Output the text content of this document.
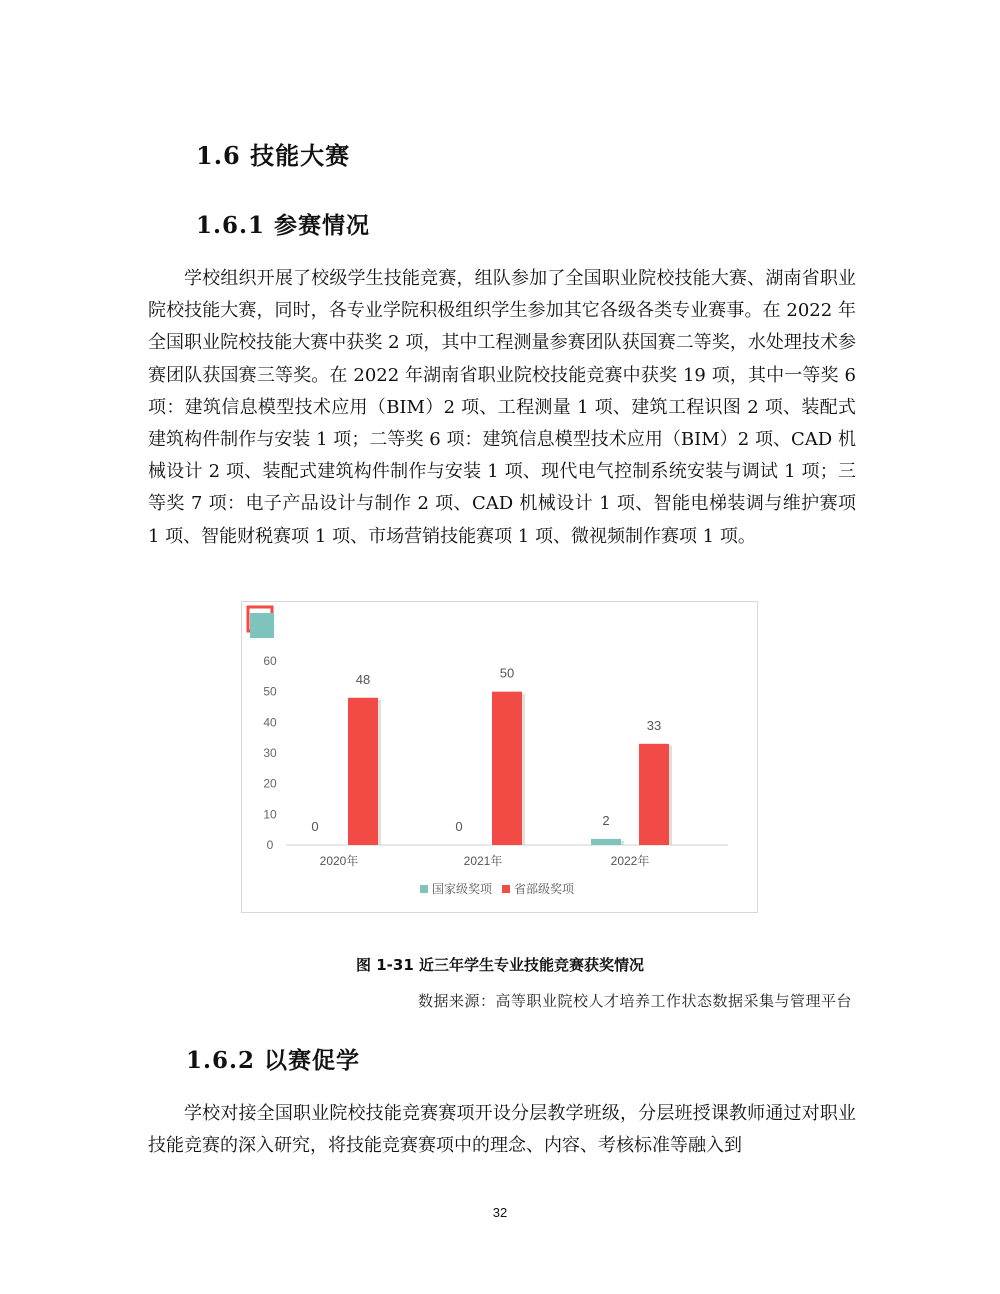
1.6 技能大赛
1.6.1 参赛情况

学校组织开展了校级学生技能竞赛，组队参加了全国职业院校技能大赛、湖南省职业院校技能大赛，同时，各专业学院积极组织学生参加其它各级各类专业赛事。在 2022 年全国职业院校技能大赛中获奖 2 项，其中工程测量参赛团队获国赛二等奖，水处理技术参赛团队获国赛三等奖。在 2022 年湖南省职业院校技能竞赛中获奖 19 项，其中一等奖 6 项：建筑信息模型技术应用（BIM）2 项、工程测量 1 项、建筑工程识图 2 项、装配式建筑构件制作与安装 1 项；二等奖 6 项：建筑信息模型技术应用（BIM）2 项、CAD 机械设计 2 项、装配式建筑构件制作与安装 1 项、现代电气控制系统安装与调试 1 项；三等奖 7 项：电子产品设计与制作 2 项、CAD 机械设计 1 项、智能电梯装调与维护赛项 1 项、智能财税赛项 1 项、市场营销技能赛项 1 项、微视频制作赛项 1 项。

0
10
20
30
40
50
60
2020年	2021年	2022年
0	0	2
48	50
33
国家级奖项 省部级奖项
图 1-31 近三年学生专业技能竞赛获奖情况
数据来源：高等职业院校人才培养工作状态数据采集与管理平台
1.6.2 以赛促学

学校对接全国职业院校技能竞赛赛项开设分层教学班级，分层班授课教师通过对职业技能竞赛的深入研究，将技能竞赛赛项中的理念、内容、考核标准等融入到

32
